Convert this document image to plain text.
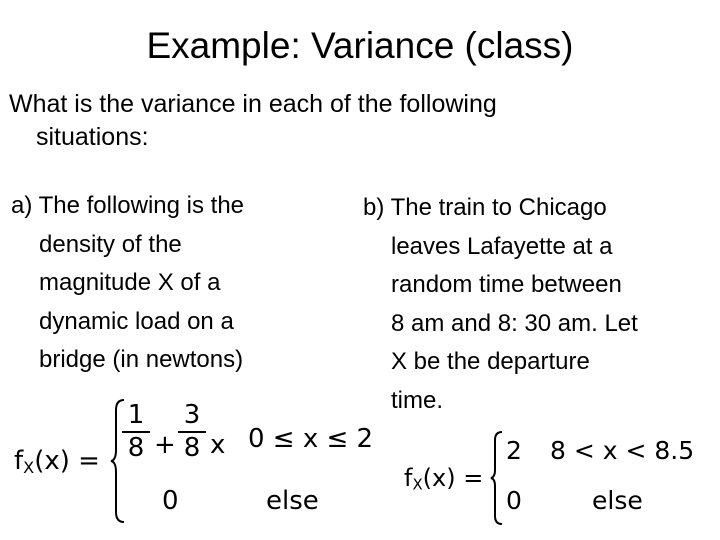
Example: Variance (class)
What is the variance in each of the following
situations:
a) The following is the
density of the
magnitude X of a
dynamic load on a
bridge (in newtons)
b) The train to Chicago
leaves Lafayette at a
random time between
8 am and 8: 30 am. Let
X be the departure
time.
$f_X(x)$ =
1
8 +
3
8 x 0 ≤ x ≤ 2
0	else
$f_X(x)$ =
2 8 < x < 8.5
0	else
